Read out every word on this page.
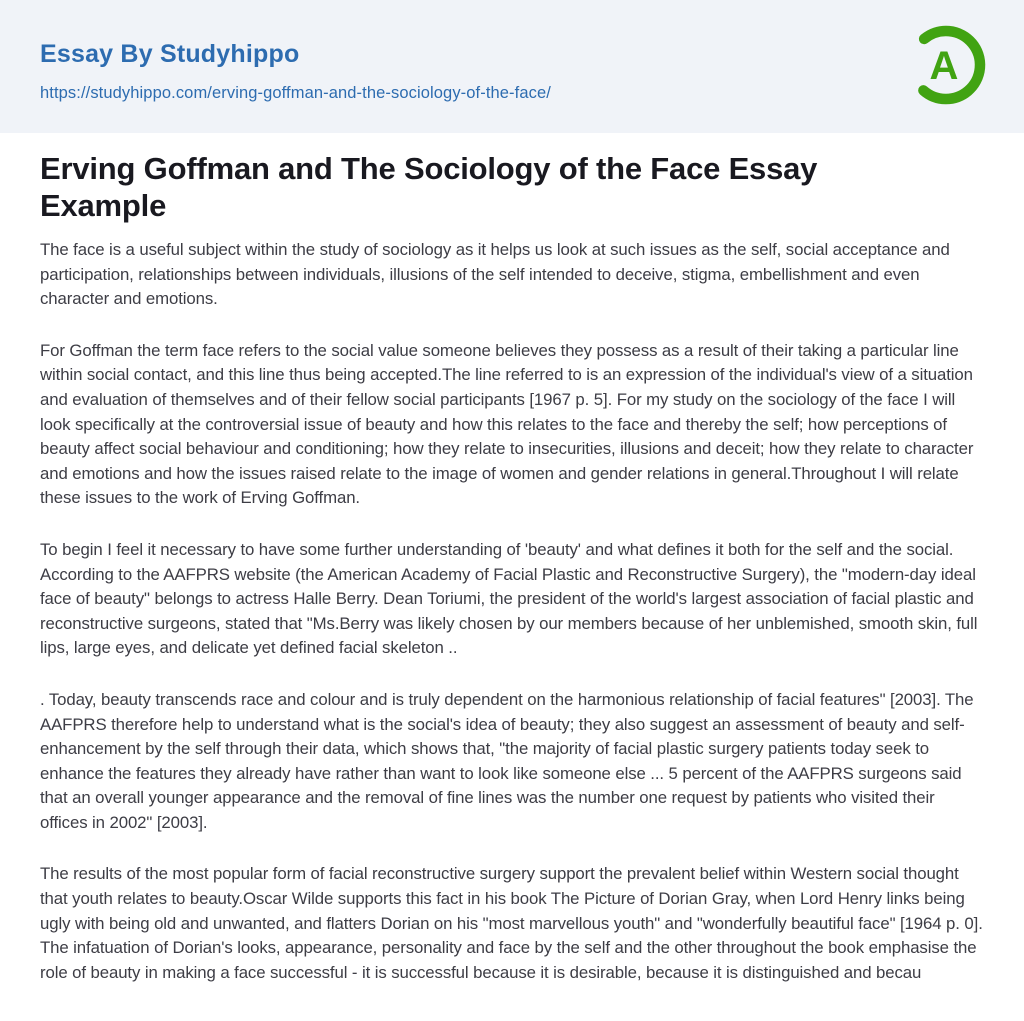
Essay By Studyhippo
https://studyhippo.com/erving-goffman-and-the-sociology-of-the-face/
A
Erving Goffman and The Sociology of the Face Essay Example

The face is a useful subject within the study of sociology as it helps us look at such issues as the self, social acceptance and participation, relationships between individuals, illusions of the self intended to deceive, stigma, embellishment and even character and emotions.

For Goffman the term face refers to the social value someone believes they possess as a result of their taking a particular line within social contact, and this line thus being accepted.The line referred to is an expression of the individual's view of a situation and evaluation of themselves and of their fellow social participants [1967 p. 5]. For my study on the sociology of the face I will look specifically at the controversial issue of beauty and how this relates to the face and thereby the self; how perceptions of beauty affect social behaviour and conditioning; how they relate to insecurities, illusions and deceit; how they relate to character and emotions and how the issues raised relate to the image of women and gender relations in general.Throughout I will relate these issues to the work of Erving Goffman.

To begin I feel it necessary to have some further understanding of 'beauty' and what defines it both for the self and the social. According to the AAFPRS website (the American Academy of Facial Plastic and Reconstructive Surgery), the "modern-day ideal face of beauty" belongs to actress Halle Berry. Dean Toriumi, the president of the world's largest association of facial plastic and reconstructive surgeons, stated that "Ms.Berry was likely chosen by our members because of her unblemished, smooth skin, full lips, large eyes, and delicate yet defined facial skeleton ..

. Today, beauty transcends race and colour and is truly dependent on the harmonious relationship of facial features" [2003]. The AAFPRS therefore help to understand what is the social's idea of beauty; they also suggest an assessment of beauty and self-enhancement by the self through their data, which shows that, "the majority of facial plastic surgery patients today seek to enhance the features they already have rather than want to look like someone else ... 5 percent of the AAFPRS surgeons said that an overall younger appearance and the removal of fine lines was the number one request by patients who visited their offices in 2002" [2003].

The results of the most popular form of facial reconstructive surgery support the prevalent belief within Western social thought that youth relates to beauty.Oscar Wilde supports this fact in his book The Picture of Dorian Gray, when Lord Henry links being ugly with being old and unwanted, and flatters Dorian on his "most marvellous youth" and "wonderfully beautiful face" [1964 p. 0]. The infatuation of Dorian's looks, appearance, personality and face by the self and the other throughout the book emphasise the role of beauty in making a face successful - it is successful because it is desirable, because it is distinguished and becau
